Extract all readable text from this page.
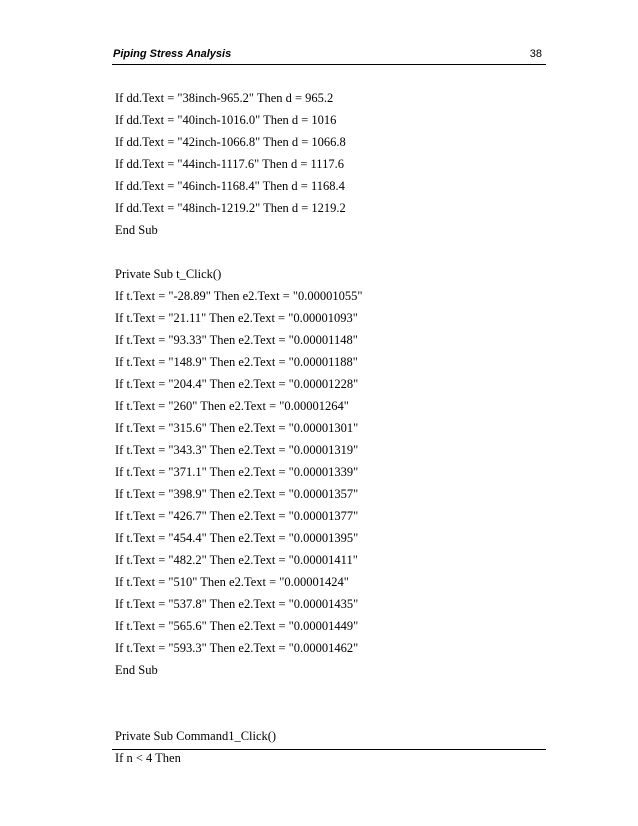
Piping Stress Analysis	38
If dd.Text = "38inch-965.2" Then d = 965.2
If dd.Text = "40inch-1016.0" Then d = 1016
If dd.Text = "42inch-1066.8" Then d = 1066.8
If dd.Text = "44inch-1117.6" Then d = 1117.6
If dd.Text = "46inch-1168.4" Then d = 1168.4
If dd.Text = "48inch-1219.2" Then d = 1219.2
End Sub
Private Sub t_Click()
If t.Text = "-28.89" Then e2.Text = "0.00001055"
If t.Text = "21.11" Then e2.Text = "0.00001093"
If t.Text = "93.33" Then e2.Text = "0.00001148"
If t.Text = "148.9" Then e2.Text = "0.00001188"
If t.Text = "204.4" Then e2.Text = "0.00001228"
If t.Text = "260" Then e2.Text = "0.00001264"
If t.Text = "315.6" Then e2.Text = "0.00001301"
If t.Text = "343.3" Then e2.Text = "0.00001319"
If t.Text = "371.1" Then e2.Text = "0.00001339"
If t.Text = "398.9" Then e2.Text = "0.00001357"
If t.Text = "426.7" Then e2.Text = "0.00001377"
If t.Text = "454.4" Then e2.Text = "0.00001395"
If t.Text = "482.2" Then e2.Text = "0.00001411"
If t.Text = "510" Then e2.Text = "0.00001424"
If t.Text = "537.8" Then e2.Text = "0.00001435"
If t.Text = "565.6" Then e2.Text = "0.00001449"
If t.Text = "593.3" Then e2.Text = "0.00001462"
End Sub
Private Sub Command1_Click()
If n < 4 Then
